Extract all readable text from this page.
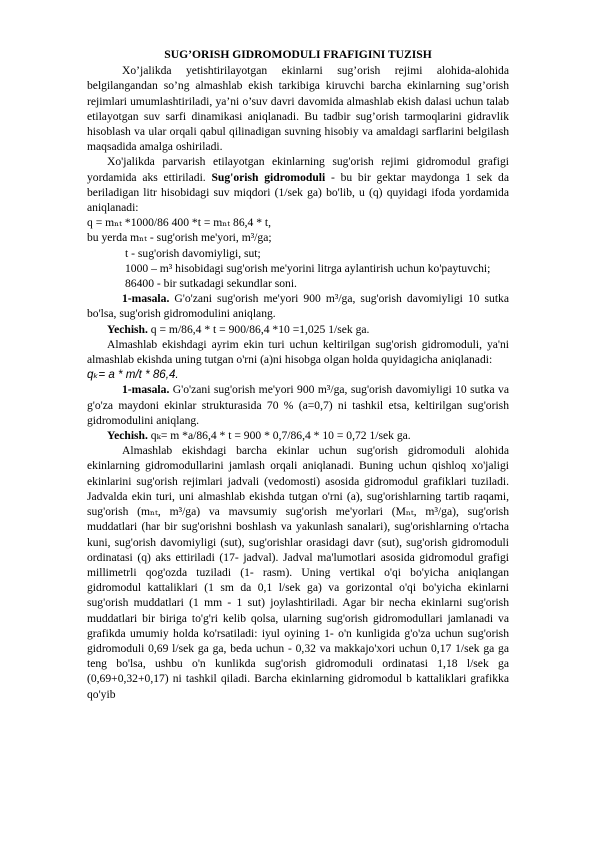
SUG’ORISH GIDROMODULI FRAFIGINI TUZISH

Xo’jalikda yetishtirilayotgan ekinlarni sug’orish rejimi alohida-alohida belgilangandan so’ng almashlab ekish tarkibiga kiruvchi barcha ekinlarning sug’orish rejimlari umumlashtiriladi, ya’ni o’suv davri davomida almashlab ekish dalasi uchun talab etilayotgan suv sarfi dinamikasi aniqlanadi. Bu tadbir sug’orish tarmoqlarini gidravlik hisoblash va ular orqali qabul qilinadigan suvning hisobiy va amaldagi sarflarini belgilash maqsadida amalga oshiriladi.

Xo'jalikda parvarish etilayotgan ekinlarning sug'orish rejimi gidromodul grafigi yordamida aks ettiriladi. Sug'orish gidromoduli - bu bir gektar maydonga 1 sek da beriladigan litr hisobidagi suv miqdori (1/sek ga) bo'lib, u (q) quyidagi ifoda yordamida aniqlanadi:

q = mₙₜ *1000/86 400 *t = mₙₜ 86,4 * t,

bu yerda mₙₜ - sug'orish me'yori, m³/ga;

t - sug'orish davomiyligi, sut;

1000 – m³ hisobidagi sug'orish me'yorini litrga aylantirish uchun ko'paytuvchi;

86400 - bir sutkadagi sekundlar soni.

1-masala. G'o'zani sug'orish me'yori 900 m³/ga, sug'orish davomiyligi 10 sutka bo'lsa, sug'orish gidromodulini aniqlang.

Yechish. q = m/86,4 * t = 900/86,4 *10 =1,025 1/sek ga.

Almashlab ekishdagi ayrim ekin turi uchun keltirilgan sug'orish gidromoduli, ya'ni almashlab ekishda uning tutgan o'rni (a)ni hisobga olgan holda quyidagicha aniqlanadi:

qₖ= a * m/t * 86,4.

1-masala. G'o'zani sug'orish me'yori 900 m³/ga, sug'orish davomiyligi 10 sutka va g'o'za maydoni ekinlar strukturasida 70 % (a=0,7) ni tashkil etsa, keltirilgan sug'orish gidromodulini aniqlang.

Yechish. qₖ= m *a/86,4 * t = 900 * 0,7/86,4 * 10 = 0,72 1/sek ga.

Almashlab ekishdagi barcha ekinlar uchun sug'orish gidromoduli alohida ekinlarning gidromodullarini jamlash orqali aniqlanadi. Buning uchun qishloq xo'jaligi ekinlarini sug'orish rejimlari jadvali (vedomosti) asosida gidromodul grafiklari tuziladi. Jadvalda ekin turi, uni almashlab ekishda tutgan o'rni (a), sug'orishlarning tartib raqami, sug'orish (mₙₜ, m³/ga) va mavsumiy sug'orish me'yorlari (Mₙₜ, m³/ga), sug'orish muddatlari (har bir sug'orishni boshlash va yakunlash sanalari), sug'orishlarning o'rtacha kuni, sug'orish davomiyligi (sut), sug'orishlar orasidagi davr (sut), sug'orish gidromoduli ordinatasi (q) aks ettiriladi (17- jadval). Jadval ma'lumotlari asosida gidromodul grafigi millimetrli qog'ozda tuziladi (1- rasm). Uning vertikal o'qi bo'yicha aniqlangan gidromodul kattaliklari (1 sm da 0,1 l/sek ga) va gorizontal o'qi bo'yicha ekinlarni sug'orish muddatlari (1 mm - 1 sut) joylashtiriladi. Agar bir necha ekinlarni sug'orish muddatlari bir biriga to'g'ri kelib qolsa, ularning sug'orish gidromodullari jamlanadi va grafikda umumiy holda ko'rsatiladi: iyul oyining 1- o'n kunligida g'o'za uchun sug'orish gidromoduli 0,69 l/sek ga ga, beda uchun - 0,32 va makkajo'xori uchun 0,17 1/sek ga ga teng bo'lsa, ushbu o'n kunlikda sug'orish gidromoduli ordinatasi 1,18 l/sek ga (0,69+0,32+0,17) ni tashkil qiladi. Barcha ekinlarning gidromodul b kattaliklari grafikka qo'yib
